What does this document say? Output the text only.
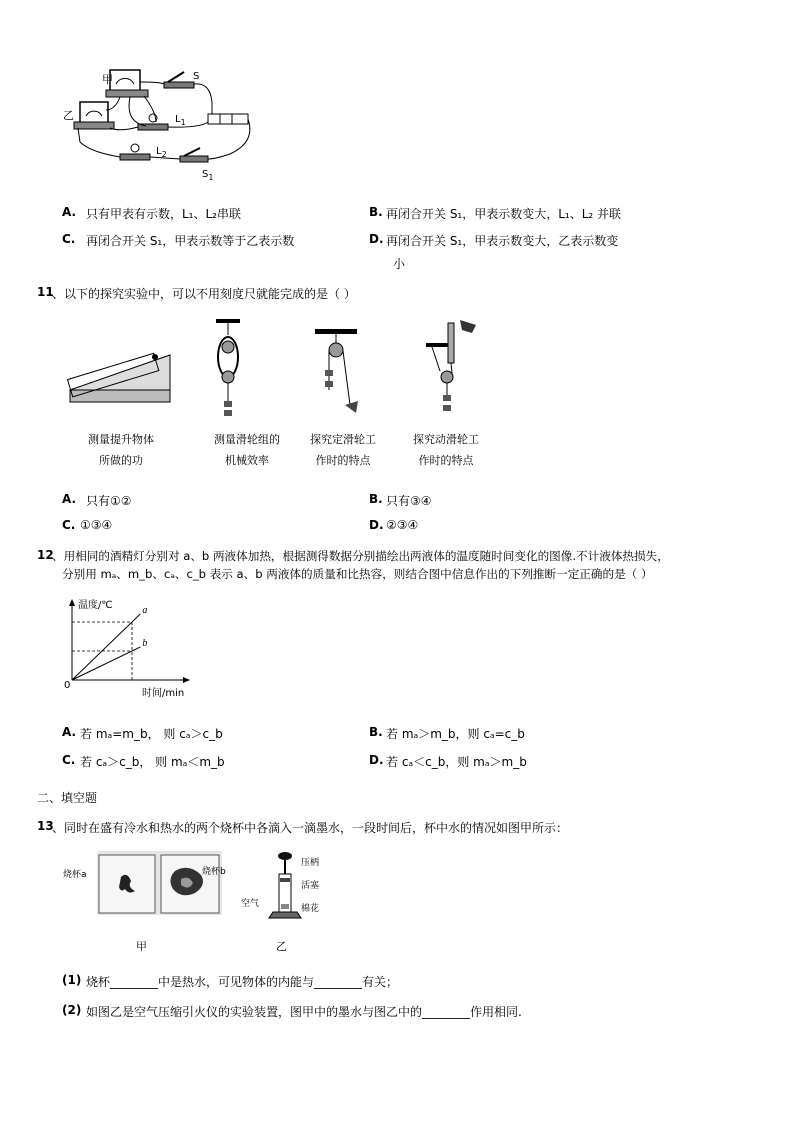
甲
乙
S
$L_1$
$L_2$
$S_1$
A. 只有甲表有示数，L₁、L₂串联	B. 再闭合开关 S₁，甲表示数变大，L₁、L₂ 并联
C. 再闭合开关 S₁，甲表示数等于乙表示数	D. 再闭合开关 S₁，甲表示数变大，乙表示数变
小
11
、以下的探究实验中，可以不用刻度尺就能完成的是（ ）
测量提升物体
所做的功
测量滑轮组的
机械效率
探究定滑轮工
作时的特点
探究动滑轮工
作时的特点
A. 只有①②	B. 只有③④
C. ①③④	D. ②③④
12
、用相同的酒精灯分别对 a、b 两液体加热，根据测得数据分别描绘出两液体的温度随时间变化的图像.不计液体热损失，
分别用 mₐ、m_b、cₐ、c_b 表示 a、b 两液体的质量和比热容，则结合图中信息作出的下列推断一定正确的是（ ）
a
b
温度/℃
时间/min
0
A. 若 mₐ=m_b， 则 cₐ＞c_b	B. 若 mₐ＞m_b，则 cₐ=c_b
C. 若 cₐ＞c_b， 则 mₐ＜m_b	D. 若 cₐ＜c_b，则 mₐ＞m_b
二、填空题
13
、同时在盛有冷水和热水的两个烧杯中各滴入一滴墨水，一段时间后，杯中水的情况如图甲所示：
烧杯a	烧杯b
压柄
活塞
空气	棉花
甲	乙
(1) 烧杯________中是热水，可见物体的内能与________有关；
(2) 如图乙是空气压缩引火仪的实验装置，图甲中的墨水与图乙中的________作用相同.
